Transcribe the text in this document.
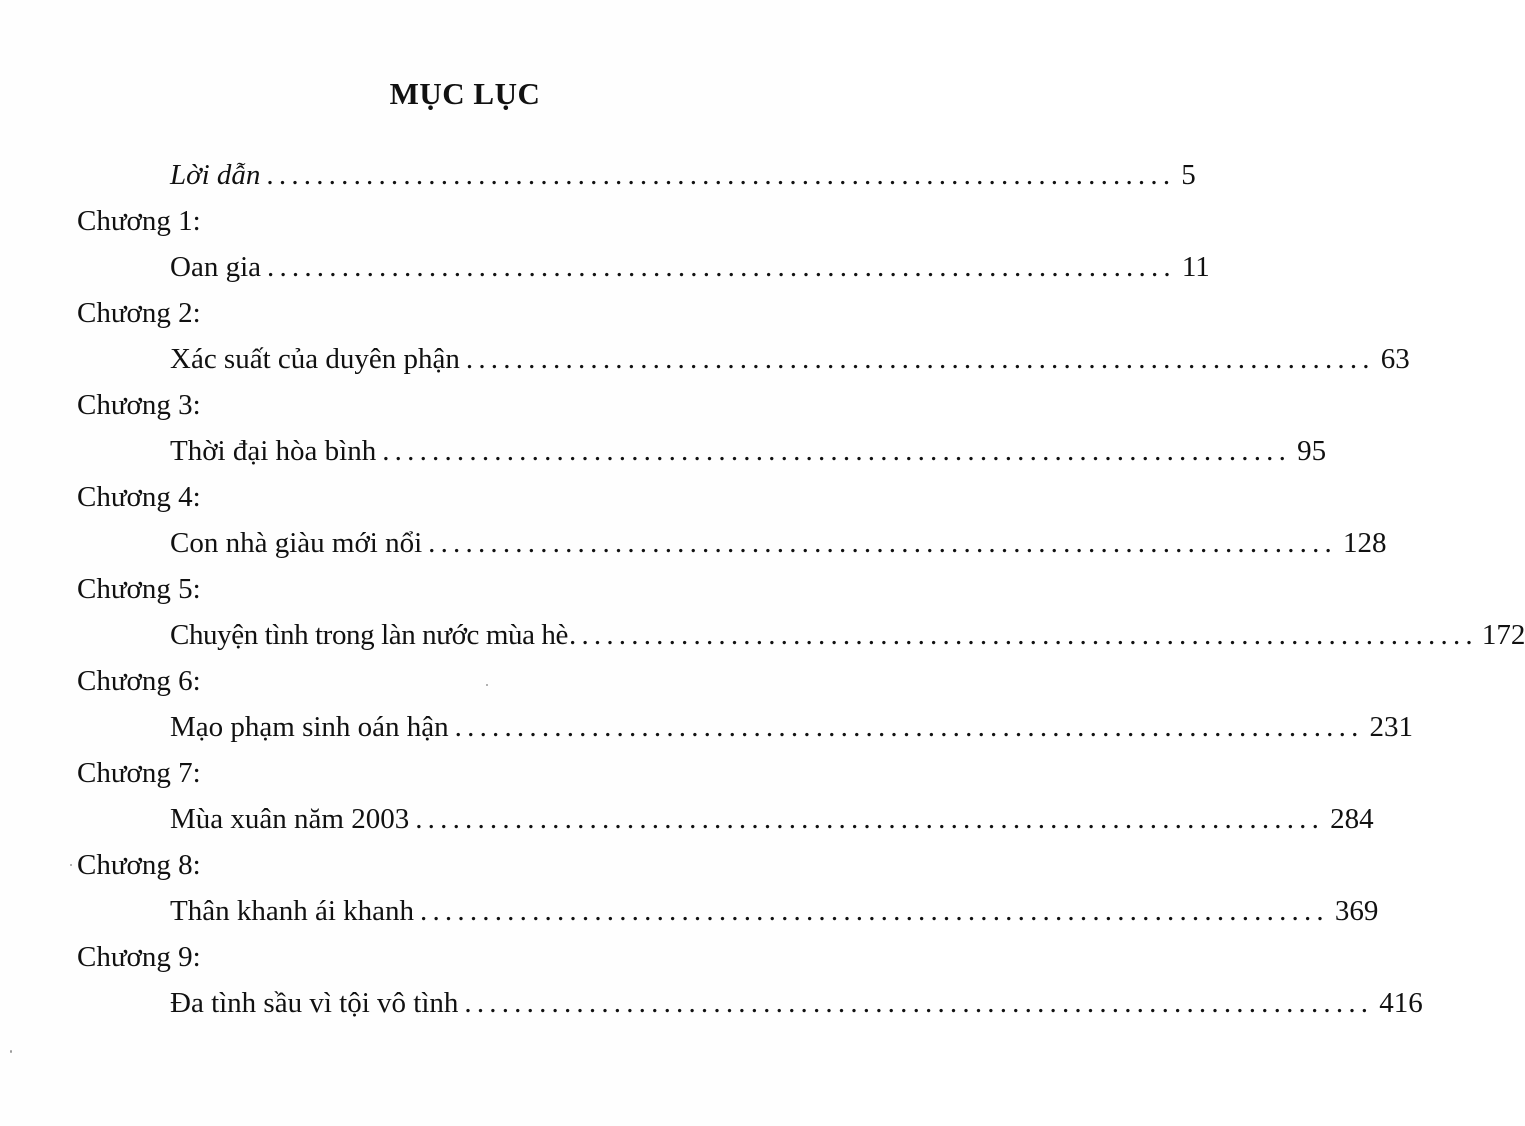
MỤC LỤC
Lời dẫn ......................................................................... 5
Chương 1:
Oan gia ......................................................................... 11
Chương 2:
Xác suất của duyên phận ......................................................................... 63
Chương 3:
Thời đại hòa bình ......................................................................... 95
Chương 4:
Con nhà giàu mới nổi ......................................................................... 128
Chương 5:
Chuyện tình trong làn nước mùa hè ......................................................................... 172
Chương 6:
Mạo phạm sinh oán hận ......................................................................... 231
Chương 7:
Mùa xuân năm 2003 ......................................................................... 284
Chương 8:
Thân khanh ái khanh ......................................................................... 369
Chương 9:
Đa tình sầu vì tội vô tình ......................................................................... 416
